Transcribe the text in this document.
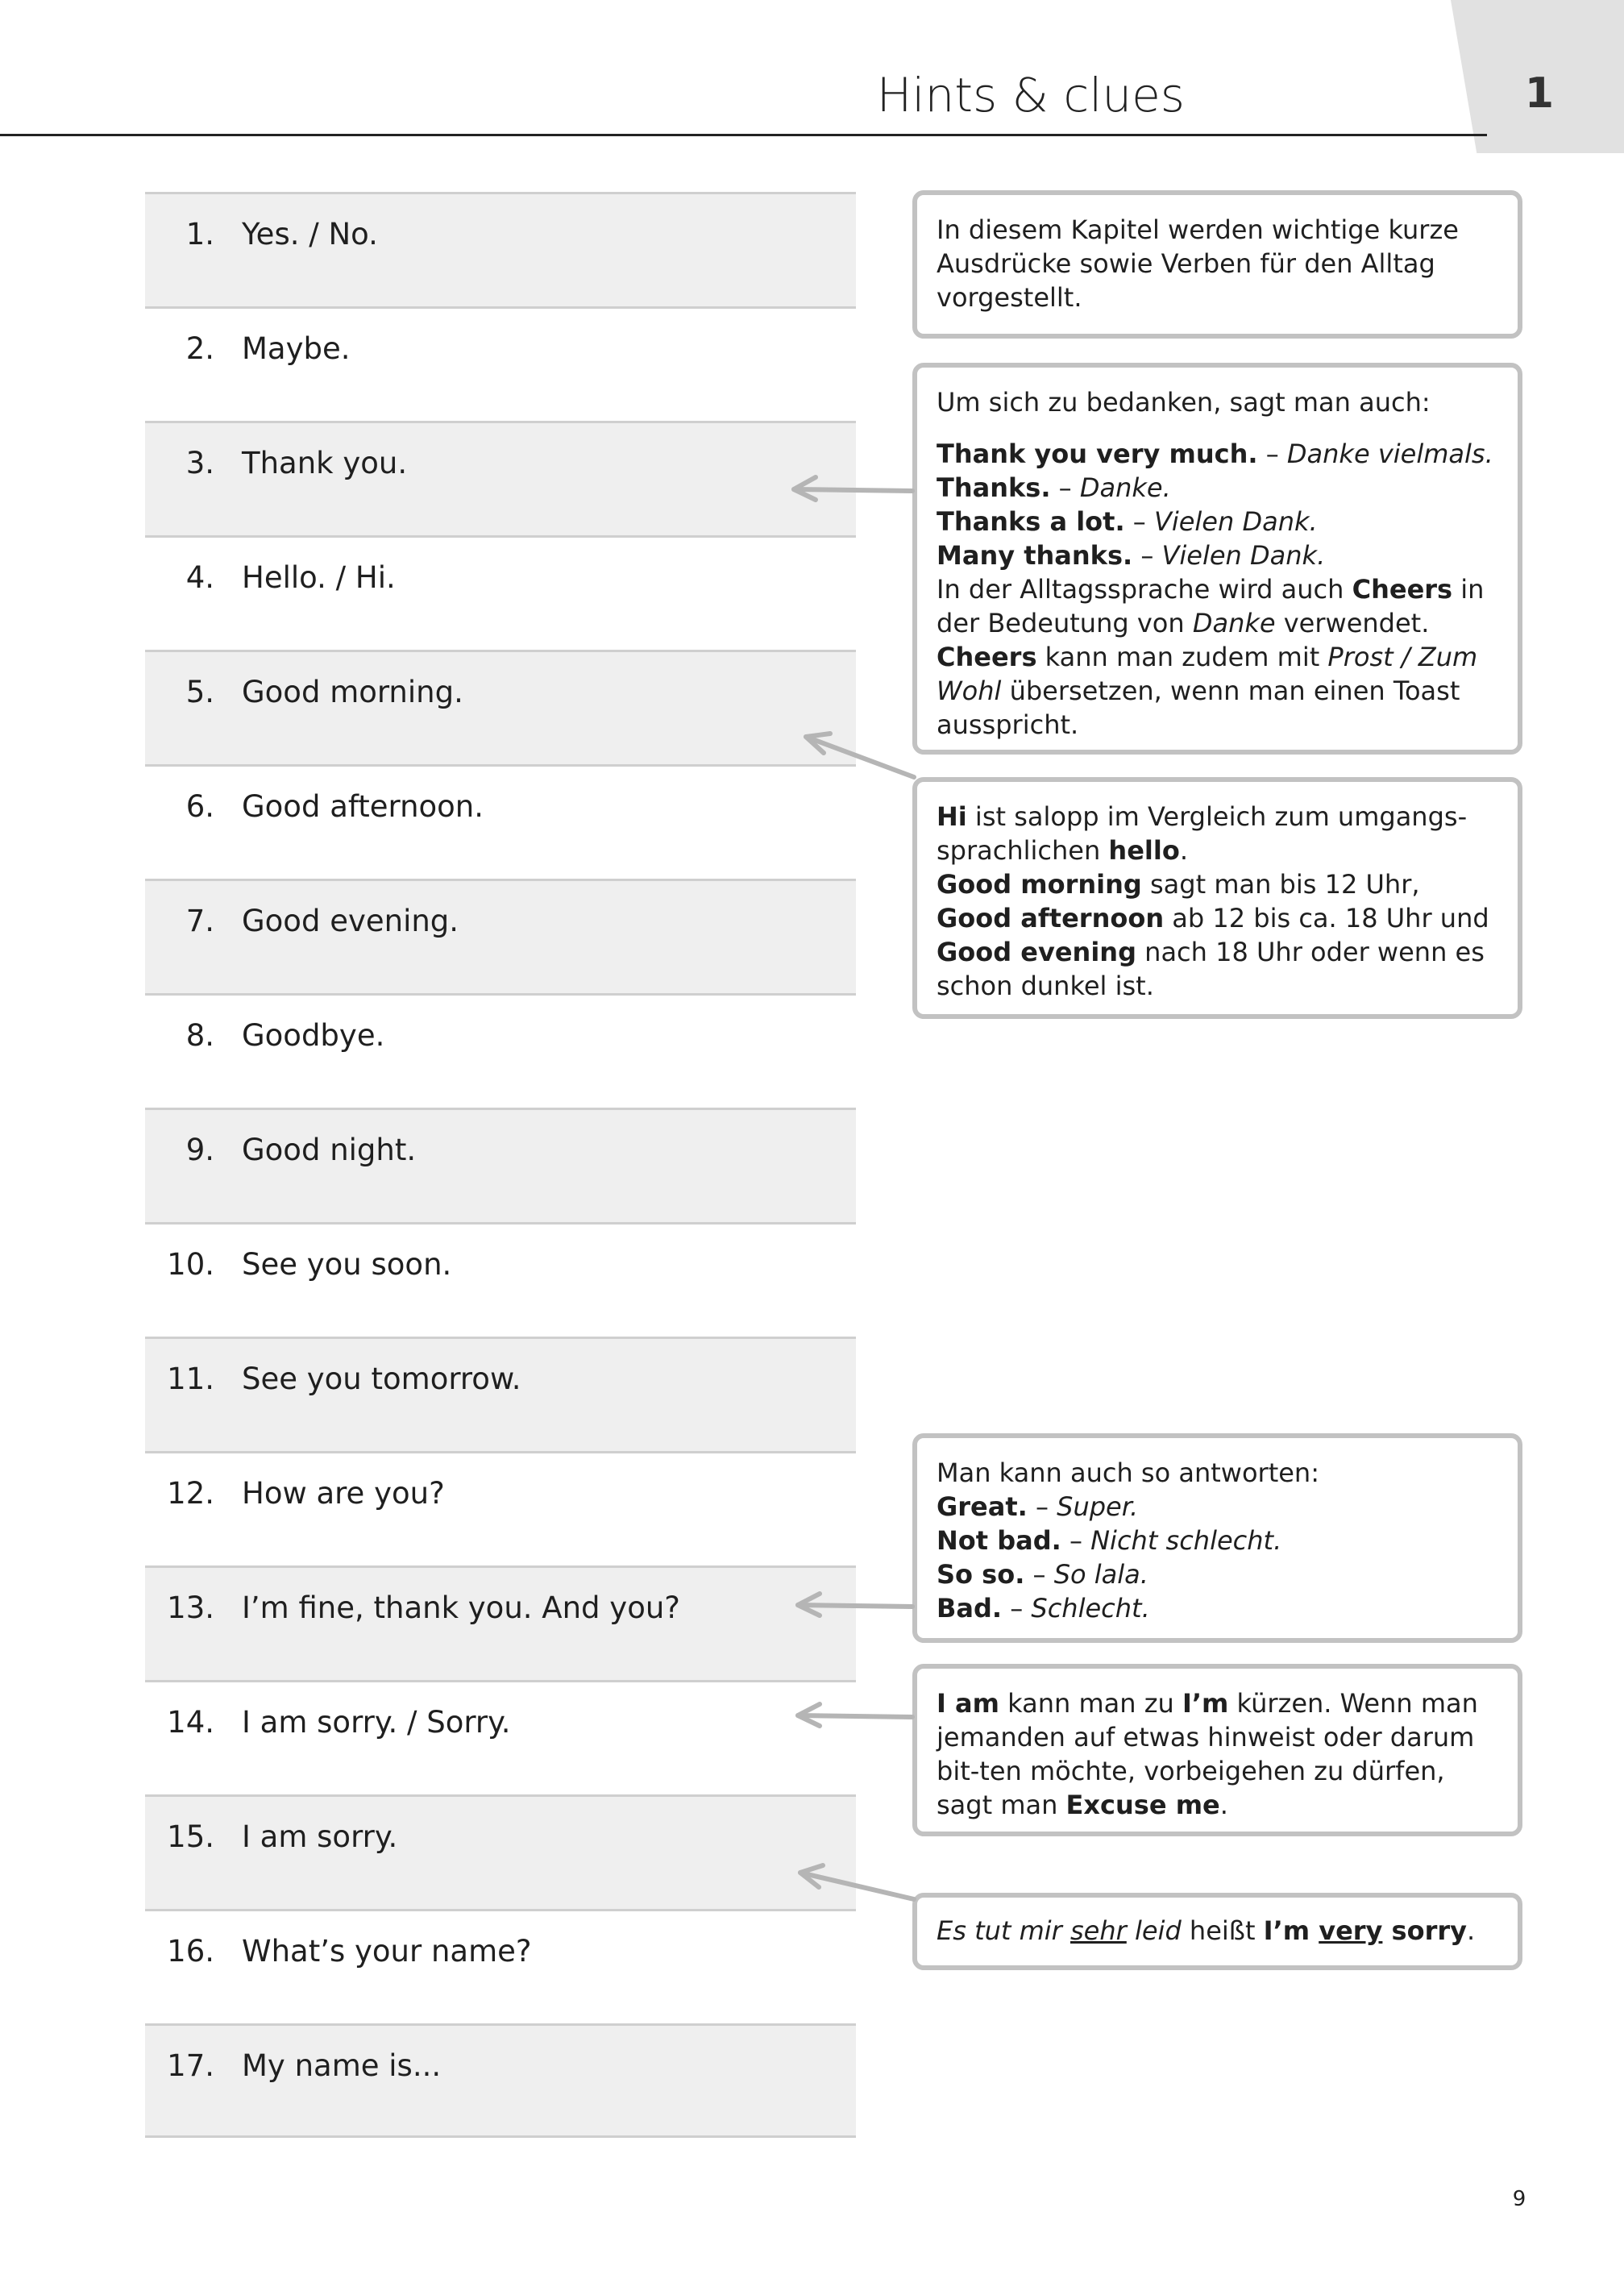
1
Hints & clues
1. Yes. / No.
2. Maybe.
3. Thank you.
4. Hello. / Hi.
5. Good morning.
6. Good afternoon.
7. Good evening.
8. Goodbye.
9. Good night.
10. See you soon.
11. See you tomorrow.
12. How are you?
13. I’m fine, thank you. And you?
14. I am sorry. / Sorry.
15. I am sorry.
16. What’s your name?
17. My name is...

In diesem Kapitel werden wichtige kurze Ausdrücke sowie Verben für den Alltag vorgestellt.

Um sich zu bedanken, sagt man auch:

Thank you very much. – Danke vielmals.

Thanks. – Danke.

Thanks a lot. – Vielen Dank.

Many thanks. – Vielen Dank.

In der Alltagssprache wird auch Cheers in der Bedeutung von Danke verwendet.

Cheers kann man zudem mit Prost / Zum Wohl übersetzen, wenn man einen Toast ausspricht.

Hi ist salopp im Vergleich zum umgangs-sprachlichen hello.

Good morning sagt man bis 12 Uhr,

Good afternoon ab 12 bis ca. 18 Uhr und

Good evening nach 18 Uhr oder wenn es schon dunkel ist.

Man kann auch so antworten:

Great. – Super.

Not bad. – Nicht schlecht.

So so. – So lala.

Bad. – Schlecht.

I am kann man zu I’m kürzen. Wenn man jemanden auf etwas hinweist oder darum bit-ten möchte, vorbeigehen zu dürfen, sagt man Excuse me.

Es tut mir sehr leid heißt I’m very sorry.

9
